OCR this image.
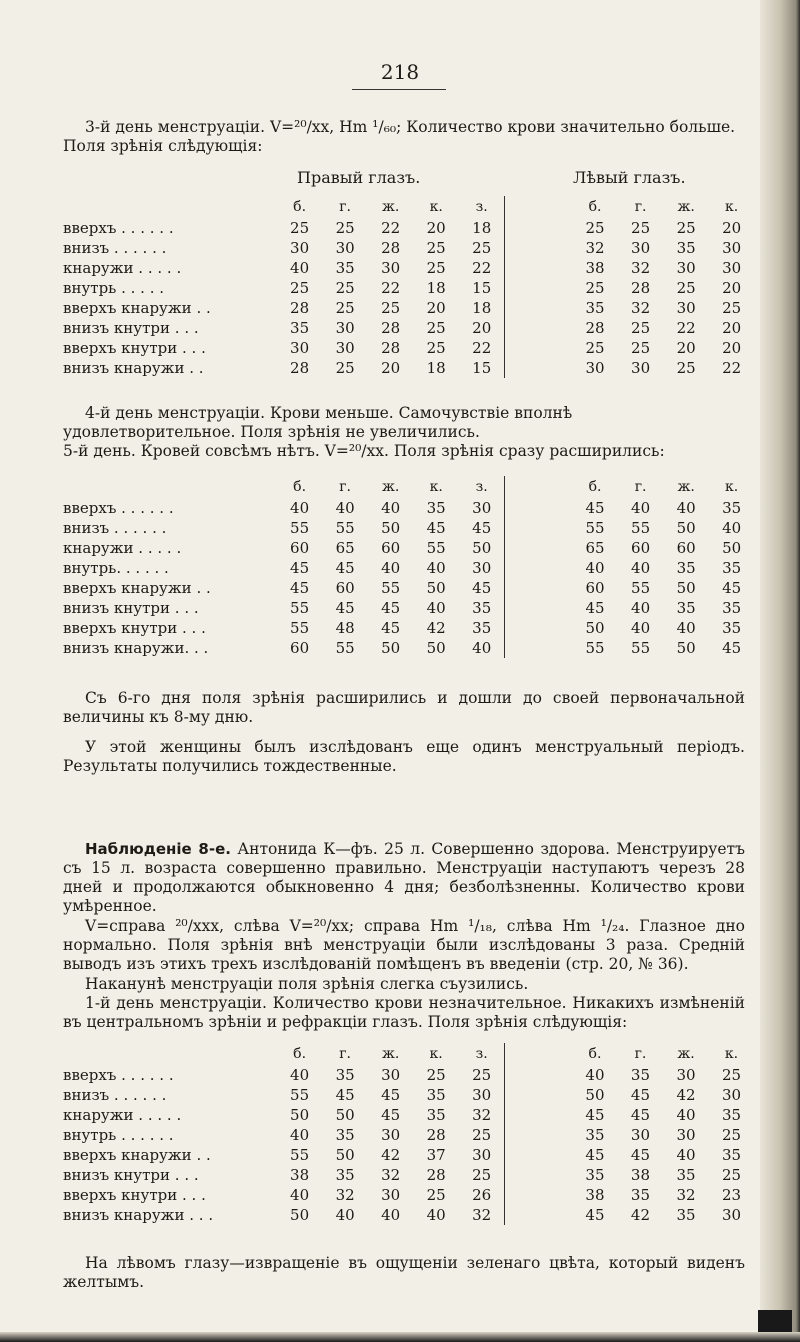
218
3-й день менструацiи. V=²⁰/xx, Hm ¹/₆₀; Количество крови значительно больше. Поля зрѣнiя слѣдующiя:
Правый глазъ.	Лѣвый глазъ.
	б.	г.	ж.	к.	з.		б.	г.	ж.	к.	
вверхъ . . . . . .	25	25	22	20	18		25	25	25	20	
внизъ . . . . . .	30	30	28	25	25		32	30	35	30	
кнаружи . . . . .	40	35	30	25	22		38	32	30	30	
внутрь . . . . .	25	25	22	18	15		25	28	25	20	
вверхъ кнаружи . .	28	25	25	20	18		35	32	30	25	
внизъ кнутри . . .	35	30	28	25	20		28	25	22	20	
вверхъ кнутри . . .	30	30	28	25	22		25	25	20	20	
внизъ кнаружи . .	28	25	20	18	15		30	30	25	22	
4-й день менструацiи. Крови меньше. Самочувствiе вполнѣ удовлетворительное. Поля зрѣнiя не увеличились.
5-й день. Кровей совсѣмъ нѣтъ. V=²⁰/xx. Поля зрѣнiя сразу расширились:
	б.	г.	ж.	к.	з.		б.	г.	ж.	к.	
вверхъ . . . . . .	40	40	40	35	30		45	40	40	35	
внизъ . . . . . .	55	55	50	45	45		55	55	50	40	
кнаружи . . . . .	60	65	60	55	50		65	60	60	50	
внутрь. . . . . .	45	45	40	40	30		40	40	35	35	
вверхъ кнаружи . .	45	60	55	50	45		60	55	50	45	
внизъ кнутри . . .	55	45	45	40	35		45	40	35	35	
вверхъ кнутри . . .	55	48	45	42	35		50	40	40	35	
внизъ кнаружи. . .	60	55	50	50	40		55	55	50	45	
Съ 6-го дня поля зрѣнiя расширились и дошли до своей первоначальной величины къ 8-му дню.
У этой женщины былъ изслѣдованъ еще одинъ менструальный перiодъ. Результаты получились тождественные.
Наблюденiе 8-е. Антонида К—фъ. 25 л. Совершенно здорова. Менструируетъ съ 15 л. возраста совершенно правильно. Менструацiи наступаютъ черезъ 28 дней и продолжаются обыкновенно 4 дня; безболѣзненны. Количество крови умѣренное.
V=справа ²⁰/xxx, слѣва V=²⁰/xx; справа Hm ¹/₁₈, слѣва Hm ¹/₂₄. Глазное дно нормально. Поля зрѣнiя внѣ менструацiи были изслѣдованы 3 раза. Средній выводъ изъ этихъ трехъ изслѣдованiй помѣщенъ въ введенiи (стр. 20, № 36).
Наканунѣ менструацiи поля зрѣнiя слегка съузились.
1-й день менструацiи. Количество крови незначительное. Никакихъ измѣненiй въ центральномъ зрѣнiи и рефракцiи глазъ. Поля зрѣнiя слѣдующiя:
	б.	г.	ж.	к.	з.		б.	г.	ж.	к.	
вверхъ . . . . . .	40	35	30	25	25		40	35	30	25	
внизъ . . . . . .	55	45	45	35	30		50	45	42	30	
кнаружи . . . . .	50	50	45	35	32		45	45	40	35	
внутрь . . . . . .	40	35	30	28	25		35	30	30	25	
вверхъ кнаружи . .	55	50	42	37	30		45	45	40	35	
внизъ кнутри . . .	38	35	32	28	25		35	38	35	25	
вверхъ кнутри . . .	40	32	30	25	26		38	35	32	23	
внизъ кнаружи . . .	50	40	40	40	32		45	42	35	30	
На лѣвомъ глазу—извращенiе въ ощущенiи зеленаго цвѣта, который виденъ желтымъ.
